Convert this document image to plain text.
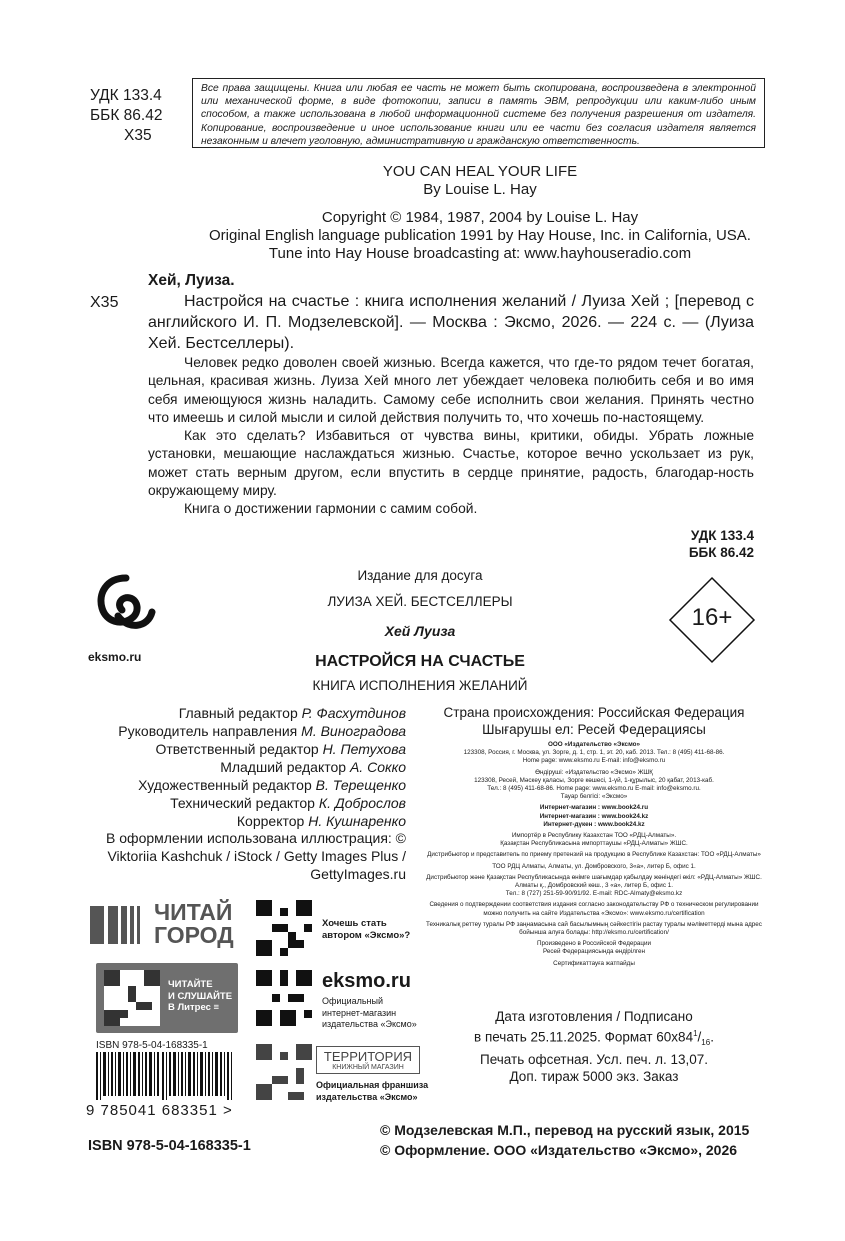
УДК 133.4
ББК 86.42
Х35
Все права защищены. Книга или любая ее часть не может быть скопирована, воспроизведена в электронной или механической форме, в виде фотокопии, записи в память ЭВМ, репродукции или каким-либо иным способом, а также использована в любой информационной системе без получения разрешения от издателя. Копирование, воспроизведение и иное использование книги или ее части без согласия издателя является незаконным и влечет уголовную, административную и гражданскую ответственность.
YOU CAN HEAL YOUR LIFE
By Louise L. Hay
Copyright © 1984, 1987, 2004 by Louise L. Hay
Original English language publication 1991 by Hay House, Inc. in California, USA.
Tune into Hay House broadcasting at: www.hayhouseradio.com
Хей, Луиза.
Х35	Настройся на счастье : книга исполнения желаний / Луиза Хей ; [перевод с английского И. П. Модзелевской]. — Москва : Эксмо, 2026. — 224 с. — (Луиза Хей. Бестселлеры).

Человек редко доволен своей жизнью. Всегда кажется, что где-то рядом течет богатая, цельная, красивая жизнь. Луиза Хей много лет убеждает человека полюбить себя и во имя себя имеющуюся жизнь наладить. Самому себе исполнить свои желания. Принять честно что имеешь и силой мысли и силой действия получить то, что хочешь по-настоящему.

Как это сделать? Избавиться от чувства вины, критики, обиды. Убрать ложные установки, мешающие наслаждаться жизнью. Счастье, которое вечно ускользает из рук, может стать верным другом, если впустить в сердце принятие, радость, благодар-ность окружающему миру.

Книга о достижении гармонии с самим собой.

УДК 133.4
ББК 86.42
eksmo.ru
Издание для досуга
ЛУИЗА ХЕЙ. БЕСТСЕЛЛЕРЫ
Хей Луиза
НАСТРОЙСЯ НА СЧАСТЬЕ
КНИГА ИСПОЛНЕНИЯ ЖЕЛАНИЙ
16+
Главный редактор Р. Фасхутдинов
Руководитель направления М. Виноградова
Ответственный редактор Н. Петухова
Младший редактор А. Сокко
Художественный редактор В. Терещенко
Технический редактор К. Доброслов
Корректор Н. Кушнаренко
В оформлении использована иллюстрация: © Viktoriia Kashchuk / iStock / Getty Images Plus / GettyImages.ru
Страна происхождения: Российская Федерация
Шығарушы ел: Ресей Федерациясы

ООО «Издательство «Эксмо»
123308, Россия, г. Москва, ул. Зорге, д. 1, стр. 1, эт. 20, каб. 2013. Тел.: 8 (495) 411-68-86.
Home page: www.eksmo.ru E-mail: info@eksmo.ru

Өндіруші: «Издательство «Эксмо» ЖШҚ
123308, Ресей, Мәскеу қаласы, Зорге көшесі, 1-үй, 1-құрылыс, 20 қабат, 2013-каб.
Тел.: 8 (495) 411-68-86. Home page: www.eksmo.ru E-mail: info@eksmo.ru.
Тауар белгісі: «Эксмо»

Интернет-магазин : www.book24.ru
Интернет-магазин : www.book24.kz
Интернет-дүкен : www.book24.kz

Импортёр в Республику Казахстан ТОО «РДЦ-Алматы».
Қазақстан Республикасына импорттаушы «РДЦ-Алматы» ЖШС.

Дистрибьютор и представитель по приему претензий на продукцию в Республике Казахстан: ТОО «РДЦ-Алматы»

ТОО РДЦ Алматы, Алматы, ул. Домбровского, 3«а», литер Б, офис 1.

Дистрибьютор және Қазақстан Республикасында өнімге шағымдар қабылдау жөніндегі өкіл: «РДЦ-Алматы» ЖШС.
Алматы қ., Домбровский көш., 3 «а», литер Б, офис 1.
Тел.: 8 (727) 251-59-90/91/92. E-mail: RDC-Almaty@eksmo.kz

Сведения о подтверждении соответствия издания согласно законодательству РФ о техническом регулировании можно получить на сайте Издательства «Эксмо»: www.eksmo.ru/certification

Техникалық реттеу туралы РФ заңнамасына сай басылымның сәйкестігін растау туралы мәліметтерді мына адрес бойынша алуға болады: http://eksmo.ru/certification/

Произведено в Российской Федерации
Ресей Федерациясында өндірілген

Сертификаттауға жатпайды

Дата изготовления / Подписано
в печать 25.11.2025. Формат $60х84^1/_{16}$.
Печать офсетная. Усл. печ. л. 13,07.
Доп. тираж 5000 экз. Заказ
ЧИТАЙ
ГОРОД	Хочешь стать
автором «Эксмо»?
ЧИТАЙТЕ
И СЛУШАЙТЕ
В Литрес ≡
eksmo.ru
Официальный
интернет-магазин
издательства «Эксмо»
ТЕРРИТОРИЯ
КНИЖНЫЙ МАГАЗИН
Официальная франшиза
издательства «Эксмо»
ISBN 978-5-04-168335-1
9 785041 683351 >
ISBN 978-5-04-168335-1
© Модзелевская М.П., перевод на русский язык, 2015
© Оформление. ООО «Издательство «Эксмо», 2026
